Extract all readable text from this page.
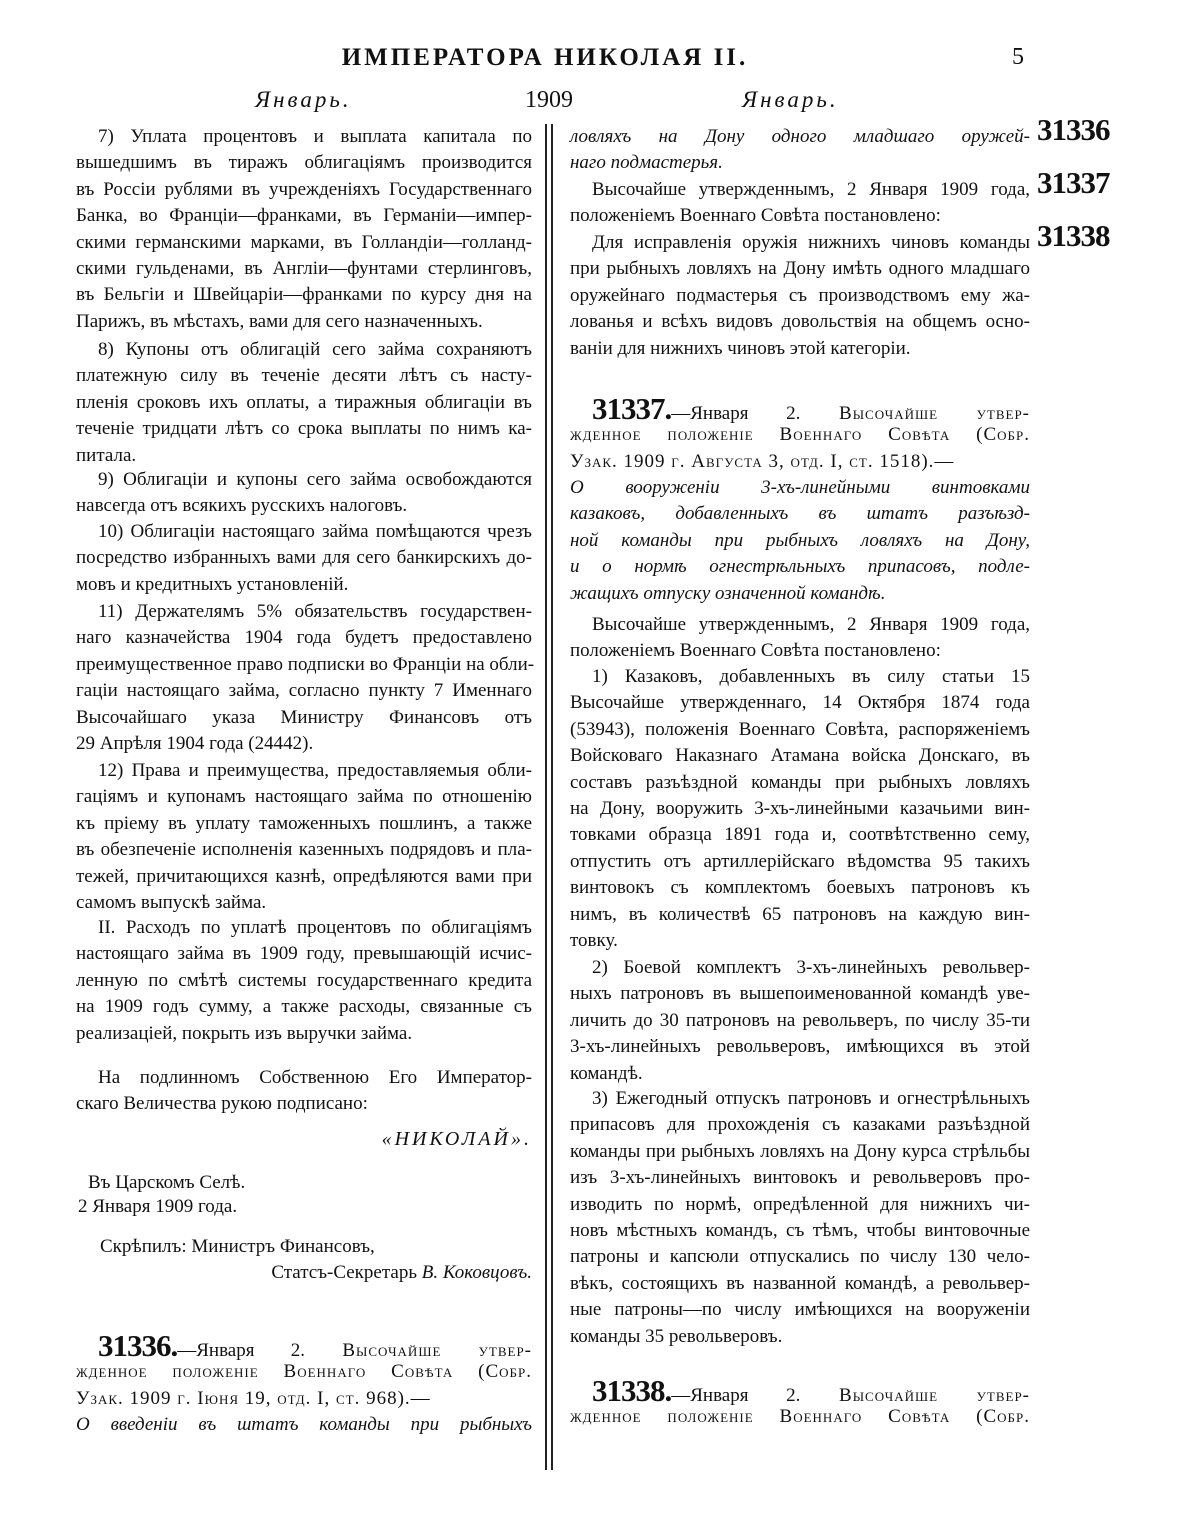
ИМПЕРАТОРА НИКОЛАЯ II.	5
Январь.	1909	Январь.
31336
31337
31338
7) Уплата процентовъ и выплата капитала по
вышедшимъ въ тиражъ облигаціямъ производится
въ Россіи рублями въ учрежденіяхъ Государственнаго
Банка, во Франціи—франками, въ Германіи—импер-
скими германскими марками, въ Голландіи—голланд-
скими гульденами, въ Англіи—фунтами стерлинговъ,
въ Бельгіи и Швейцаріи—франками по курсу дня на
Парижъ, въ мѣстахъ, вами для сего назначенныхъ.
8) Купоны отъ облигацій сего займа сохраняютъ
платежную силу въ теченіе десяти лѣтъ съ насту-
пленія сроковъ ихъ оплаты, а тиражныя облигаціи въ
теченіе тридцати лѣтъ со срока выплаты по нимъ ка-
питала.
9) Облигаціи и купоны сего займа освобождаются
навсегда отъ всякихъ русскихъ налоговъ.
10) Облигаціи настоящаго займа помѣщаются чрезъ
посредство избранныхъ вами для сего банкирскихъ до-
мовъ и кредитныхъ установленій.
11) Держателямъ 5% обязательствъ государствен-
наго казначейства 1904 года будетъ предоставлено
преимущественное право подписки во Франціи на обли-
гаціи настоящаго займа, согласно пункту 7 Именнаго
Высочайшаго указа Министру Финансовъ отъ
29 Апрѣля 1904 года (24442).
12) Права и преимущества, предоставляемыя обли-
гаціямъ и купонамъ настоящаго займа по отношенію
къ пріему въ уплату таможенныхъ пошлинъ, а также
въ обезпеченіе исполненія казенныхъ подрядовъ и пла-
тежей, причитающихся казнѣ, опредѣляются вами при
самомъ выпускѣ займа.
II. Расходъ по уплатѣ процентовъ по облигаціямъ
настоящаго займа въ 1909 году, превышающій исчис-
ленную по смѣтѣ системы государственнаго кредита
на 1909 годъ сумму, а также расходы, связанные съ
реализаціей, покрыть изъ выручки займа.
На подлинномъ Собственною Его Император-
скаго Величества рукою подписано:
«НИКОЛАЙ».
Въ Царскомъ Селѣ.
2 Января 1909 года.
Скрѣпилъ: Министръ Финансовъ,
Статсъ-Секретарь В. Коковцовъ.
31336.—Января 2. Высочайше утвер-
жденное положеніе Военнаго Совѣта (Собр.
Узак. 1909 г. Іюня 19, отд. I, ст. 968).—
О введеніи въ штатъ команды при рыбныхъ
ловляхъ на Дону одного младшаго оружей-
наго подмастерья.
Высочайше утвержденнымъ, 2 Января 1909 года,
положеніемъ Военнаго Совѣта постановлено:
Для исправленія оружія нижнихъ чиновъ команды
при рыбныхъ ловляхъ на Дону имѣть одного младшаго
оружейнаго подмастерья съ производствомъ ему жа-
лованья и всѣхъ видовъ довольствія на общемъ осно-
ваніи для нижнихъ чиновъ этой категоріи.
31337.—Января 2. Высочайше утвер-
жденное положеніе Военнаго Совѣта (Собр.
Узак. 1909 г. Августа 3, отд. I, ст. 1518).—
О вооруженіи 3-хъ-линейными винтовками
казаковъ, добавленныхъ въ штатъ разъѣзд-
ной команды при рыбныхъ ловляхъ на Дону,
и о нормѣ огнестрѣльныхъ припасовъ, подле-
жащихъ отпуску означенной командѣ.
Высочайше утвержденнымъ, 2 Января 1909 года,
положеніемъ Военнаго Совѣта постановлено:
1) Казаковъ, добавленныхъ въ силу статьи 15
Высочайше утвержденнаго, 14 Октября 1874 года
(53943), положенія Военнаго Совѣта, распоряженіемъ
Войсковаго Наказнаго Атамана войска Донскаго, въ
составъ разъѣздной команды при рыбныхъ ловляхъ
на Дону, вооружить 3-хъ-линейными казачьими вин-
товками образца 1891 года и, соотвѣтственно сему,
отпустить отъ артиллерійскаго вѣдомства 95 такихъ
винтовокъ съ комплектомъ боевыхъ патроновъ къ
нимъ, въ количествѣ 65 патроновъ на каждую вин-
товку.
2) Боевой комплектъ 3-хъ-линейныхъ револьвер-
ныхъ патроновъ въ вышепоименованной командѣ уве-
личить до 30 патроновъ на револьверъ, по числу 35-ти
3-хъ-линейныхъ револьверовъ, имѣющихся въ этой
командѣ.
3) Ежегодный отпускъ патроновъ и огнестрѣльныхъ
припасовъ для прохожденія съ казаками разъѣздной
команды при рыбныхъ ловляхъ на Дону курса стрѣльбы
изъ 3-хъ-линейныхъ винтовокъ и револьверовъ про-
изводить по нормѣ, опредѣленной для нижнихъ чи-
новъ мѣстныхъ командъ, съ тѣмъ, чтобы винтовочные
патроны и капсюли отпускались по числу 130 чело-
вѣкъ, состоящихъ въ названной командѣ, а револьвер-
ные патроны—по числу имѣющихся на вооруженіи
команды 35 револьверовъ.
31338.—Января 2. Высочайше утвер-
жденное положеніе Военнаго Совѣта (Собр.
